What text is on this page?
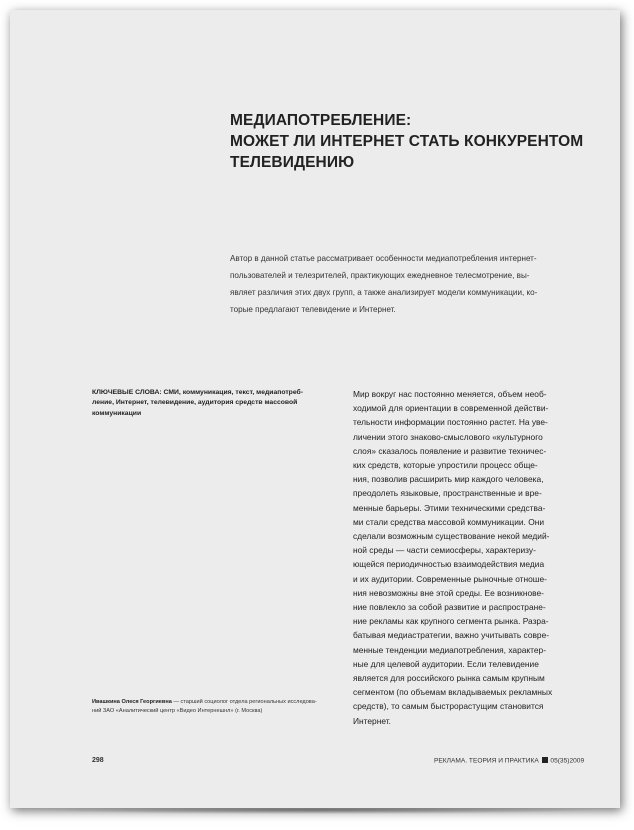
МЕДИАПОТРЕБЛЕНИЕ:
МОЖЕТ ЛИ ИНТЕРНЕТ СТАТЬ КОНКУРЕНТОМ
ТЕЛЕВИДЕНИЮ
Автор в данной статье рассматривает особенности медиапотребления интернет-
пользователей и телезрителей, практикующих ежедневное телесмотрение, вы-
являет различия этих двух групп, а также анализирует модели коммуникации, ко-
торые предлагают телевидение и Интернет.
КЛЮЧЕВЫЕ СЛОВА: СМИ, коммуникация, текст, медиапотреб-
ление, Интернет, телевидение, аудитория средств массовой
коммуникации
Мир вокруг нас постоянно меняется, объем необ-
ходимой для ориентации в современной действи-
тельности информации постоянно растет. На уве-
личении этого знаково-смыслового «культурного
слоя» сказалось появление и развитие техничес-
ких средств, которые упростили процесс обще-
ния, позволив расширить мир каждого человека,
преодолеть языковые, пространственные и вре-
менные барьеры. Этими техническими средства-
ми стали средства массовой коммуникации. Они
сделали возможным существование некой медий-
ной среды — части семиосферы, характеризу-
ющейся периодичностью взаимодействия медиа
и их аудитории. Современные рыночные отноше-
ния невозможны вне этой среды. Ее возникнове-
ние повлекло за собой развитие и распростране-
ние рекламы как крупного сегмента рынка. Разра-
батывая медиастратегии, важно учитывать совре-
менные тенденции медиапотребления, характер-
ные для целевой аудитории. Если телевидение
является для российского рынка самым крупным
сегментом (по объемам вкладываемых рекламных
средств), то самым быстрорастущим становится
Интернет.
Ивашкина Олеся Георгиевна — старший социолог отдела региональных исследова-
ний ЗАО «Аналитический центр «Видео Интернешнл» (г. Москва)
298	РЕКЛАМА. ТЕОРИЯ И ПРАКТИКА 05(35)2009
